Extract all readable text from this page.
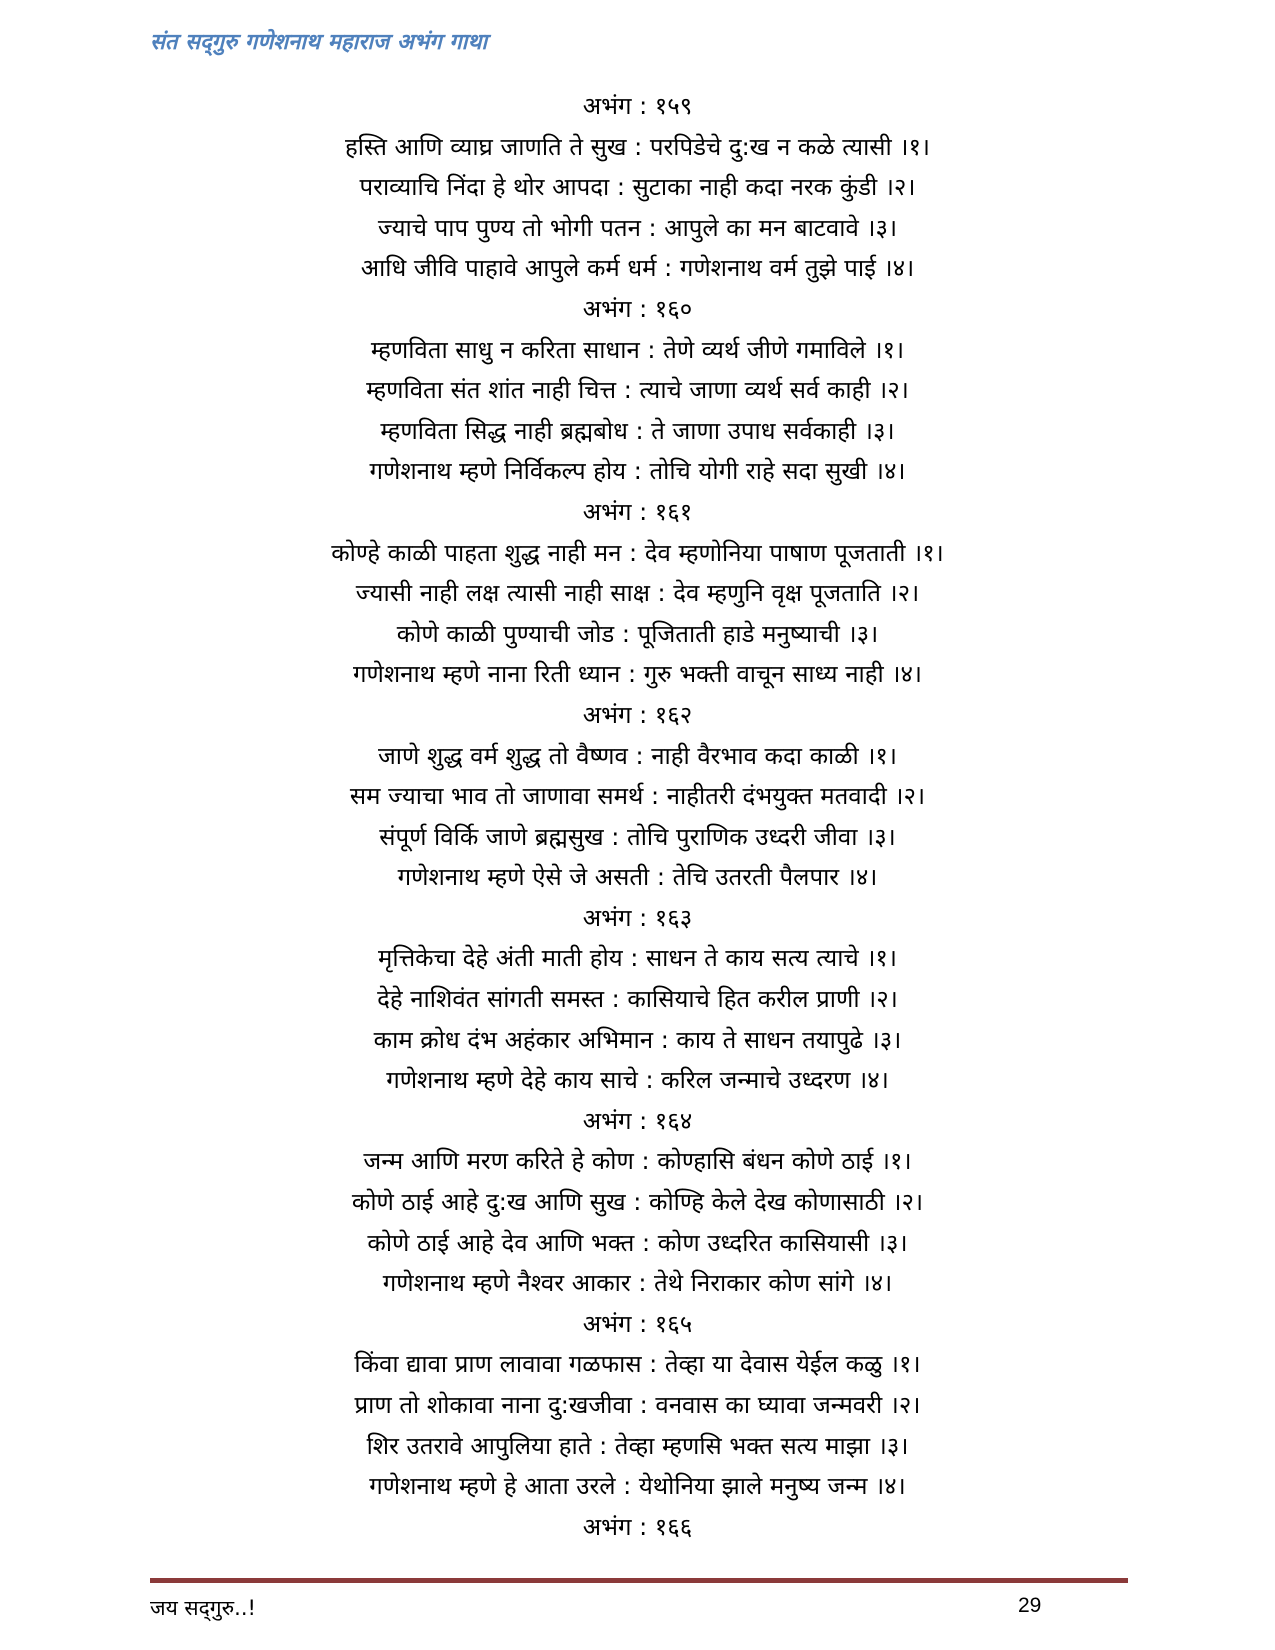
संत सद्‌गुरु गणेशनाथ महाराज अभंग गाथा
अभंग : १५९
हस्ति आणि व्याघ्र जाणति ते सुख : परपिडेचे दु:ख न कळे त्यासी ।१।
पराव्याचि निंदा हे थोर आपदा : सुटाका नाही कदा नरक कुंडी ।२।
ज्याचे पाप पुण्य तो भोगी पतन : आपुले का मन बाटवावे ।३।
आधि जीवि पाहावे आपुले कर्म धर्म : गणेशनाथ वर्म तुझे पाई ।४।
अभंग : १६०
म्हणविता साधु न करिता साधान : तेणे व्यर्थ जीणे गमाविले ।१।
म्हणविता संत शांत नाही चित्त : त्याचे जाणा व्यर्थ सर्व काही ।२।
म्हणविता सिद्ध नाही ब्रह्मबोध : ते जाणा उपाध सर्वकाही ।३।
गणेशनाथ म्हणे निर्विकल्प होय : तोचि योगी राहे सदा सुखी ।४।
अभंग : १६१
कोण्हे काळी पाहता शुद्ध नाही मन : देव म्हणोनिया पाषाण पूजताती ।१।
ज्यासी नाही लक्ष त्यासी नाही साक्ष : देव म्हणुनि वृक्ष पूजताति ।२।
कोणे काळी पुण्याची जोड : पूजिताती हाडे मनुष्याची ।३।
गणेशनाथ म्हणे नाना रिती ध्यान : गुरु भक्ती वाचून साध्य नाही ।४।
अभंग : १६२
जाणे शुद्ध वर्म शुद्ध तो वैष्णव : नाही वैरभाव कदा काळी ।१।
सम ज्याचा भाव तो जाणावा समर्थ : नाहीतरी दंभयुक्त मतवादी ।२।
संपूर्ण विर्कि जाणे ब्रह्मसुख : तोचि पुराणिक उध्दरी जीवा ।३।
गणेशनाथ म्हणे ऐसे जे असती : तेचि उतरती पैलपार ।४।
अभंग : १६३
मृत्तिकेचा देहे अंती माती होय : साधन ते काय सत्य त्याचे ।१।
देहे नाशिवंत सांगती समस्त : कासियाचे हित करील प्राणी ।२।
काम क्रोध दंभ अहंकार अभिमान : काय ते साधन तयापुढे ।३।
गणेशनाथ म्हणे देहे काय साचे : करिल जन्माचे उध्दरण ।४।
अभंग : १६४
जन्म आणि मरण करिते हे कोण : कोण्हासि बंधन कोणे ठाई ।१।
कोणे ठाई आहे दु:ख आणि सुख : कोण्हि केले देख कोणासाठी ।२।
कोणे ठाई आहे देव आणि भक्त : कोण उध्दरित कासियासी ।३।
गणेशनाथ म्हणे नैश्वर आकार : तेथे निराकार कोण सांगे ।४।
अभंग : १६५
किंवा द्यावा प्राण लावावा गळफास : तेव्हा या देवास येईल कळु ।१।
प्राण तो शोकावा नाना दु:खजीवा : वनवास का घ्यावा जन्मवरी ।२।
शिर उतरावे आपुलिया हाते : तेव्हा म्हणसि भक्त सत्य माझा ।३।
गणेशनाथ म्हणे हे आता उरले : येथोनिया झाले मनुष्य जन्म ।४।
अभंग : १६६
जय सद्‌गुरु..!	29
